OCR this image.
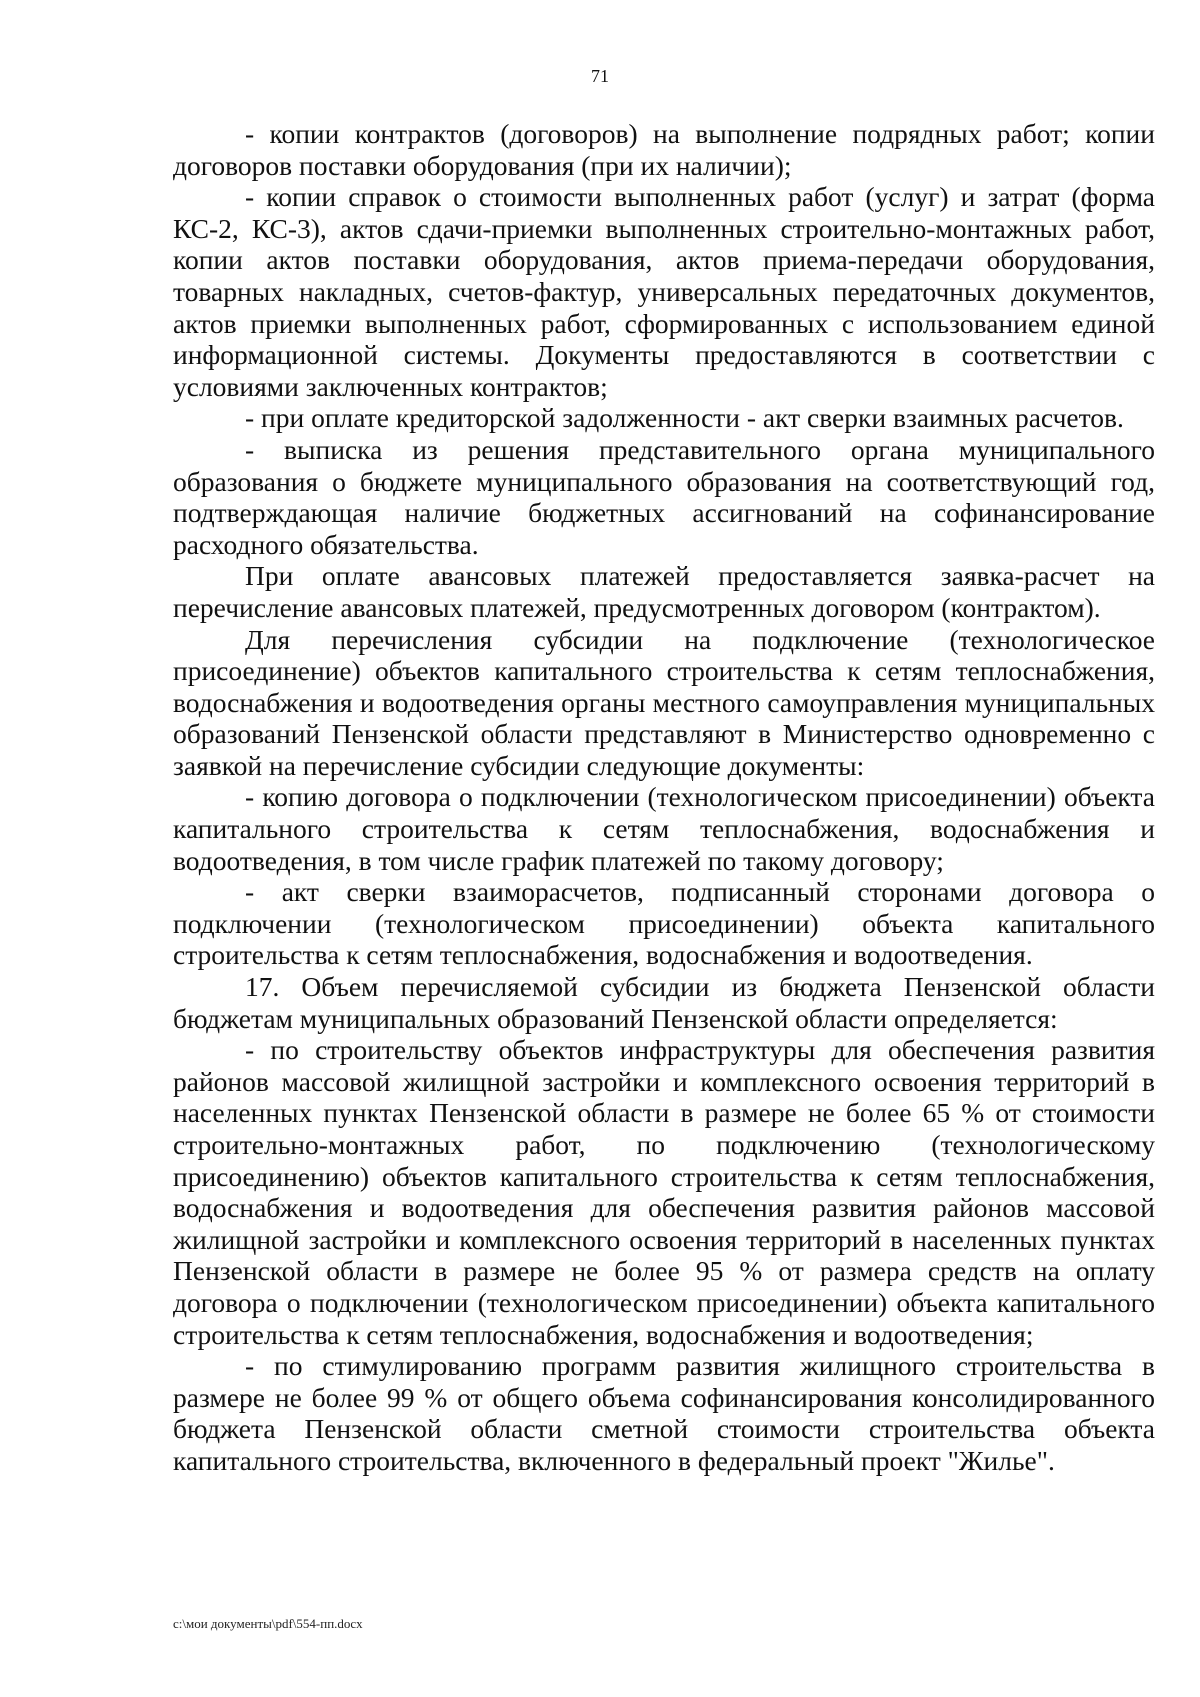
71

- копии контрактов (договоров) на выполнение подрядных работ; копии договоров поставки оборудования (при их наличии);

- копии справок о стоимости выполненных работ (услуг) и затрат (форма КС-2, КС-3), актов сдачи-приемки выполненных строительно-монтажных работ, копии актов поставки оборудования, актов приема-передачи оборудования, товарных накладных, счетов-фактур, универсальных передаточных документов, актов приемки выполненных работ, сформированных с использованием единой информационной системы. Документы предоставляются в соответствии с условиями заключенных контрактов;

- при оплате кредиторской задолженности - акт сверки взаимных расчетов.

- выписка из решения представительного органа муниципального образования о бюджете муниципального образования на соответствующий год, подтверждающая наличие бюджетных ассигнований на софинансирование расходного обязательства.

При оплате авансовых платежей предоставляется заявка-расчет на перечисление авансовых платежей, предусмотренных договором (контрактом).

Для перечисления субсидии на подключение (технологическое присоединение) объектов капитального строительства к сетям теплоснабжения, водоснабжения и водоотведения органы местного самоуправления муниципальных образований Пензенской области представляют в Министерство одновременно с заявкой на перечисление субсидии следующие документы:

- копию договора о подключении (технологическом присоединении) объекта капитального строительства к сетям теплоснабжения, водоснабжения и водоотведения, в том числе график платежей по такому договору;

- акт сверки взаиморасчетов, подписанный сторонами договора о подключении (технологическом присоединении) объекта капитального строительства к сетям теплоснабжения, водоснабжения и водоотведения.

17. Объем перечисляемой субсидии из бюджета Пензенской области бюджетам муниципальных образований Пензенской области определяется:

- по строительству объектов инфраструктуры для обеспечения развития районов массовой жилищной застройки и комплексного освоения территорий в населенных пунктах Пензенской области в размере не более 65 % от стоимости строительно-монтажных работ, по подключению (технологическому присоединению) объектов капитального строительства к сетям теплоснабжения, водоснабжения и водоотведения для обеспечения развития районов массовой жилищной застройки и комплексного освоения территорий в населенных пунктах Пензенской области в размере не более 95 % от размера средств на оплату договора о подключении (технологическом присоединении) объекта капитального строительства к сетям теплоснабжения, водоснабжения и водоотведения;

- по стимулированию программ развития жилищного строительства в размере не более 99 % от общего объема софинансирования консолидированного бюджета Пензенской области сметной стоимости строительства объекта капитального строительства, включенного в федеральный проект "Жилье".

c:\мои документы\pdf\554-пп.docx
